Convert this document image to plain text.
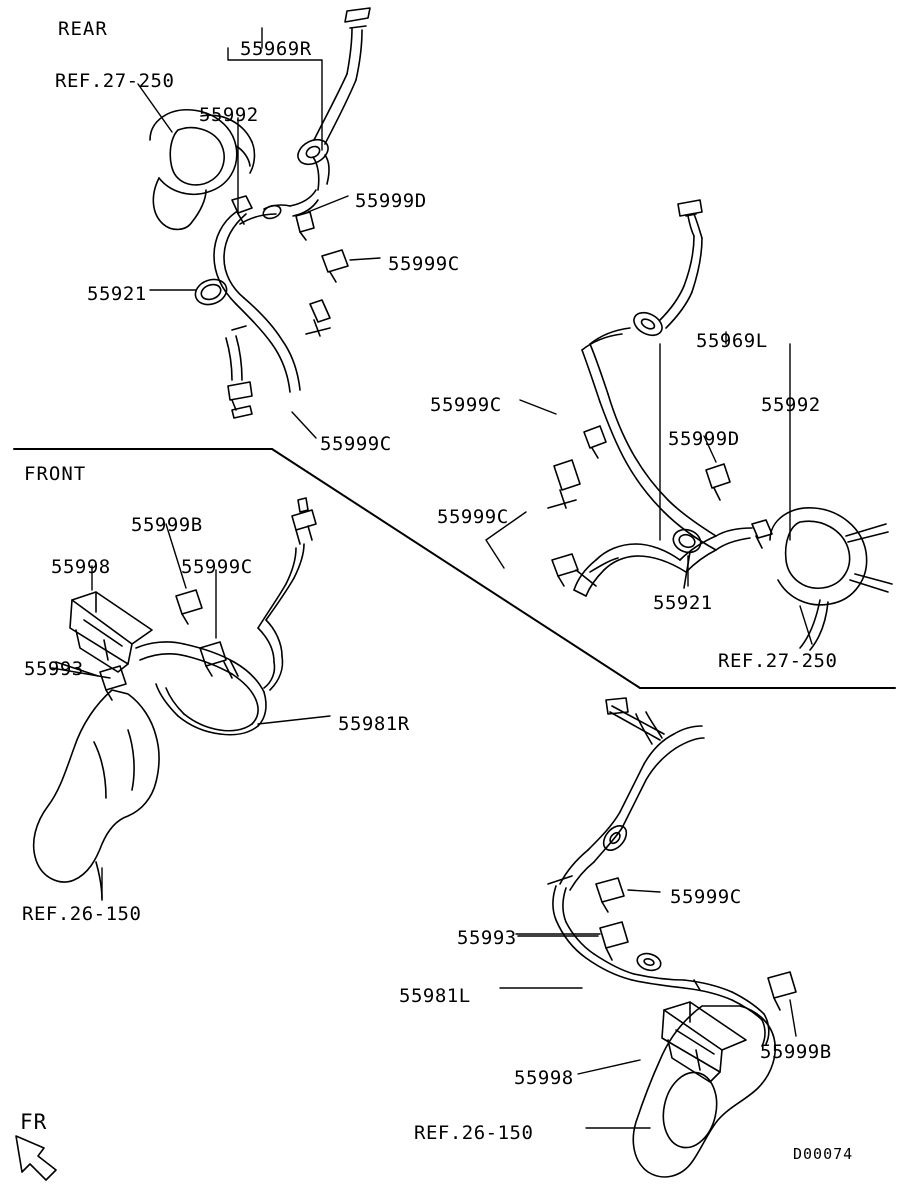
REAR
FRONT
55969R
REF.27-250
55992
55999D
55999C
55921
55999C
55969L
55999C	55992
55999D
55999C
55921
REF.27-250
55999B
55998	55999C
55993
55981R
REF.26-150
55999C
55993
55981L
55999B
55998
REF.26-150
FR
D00074
